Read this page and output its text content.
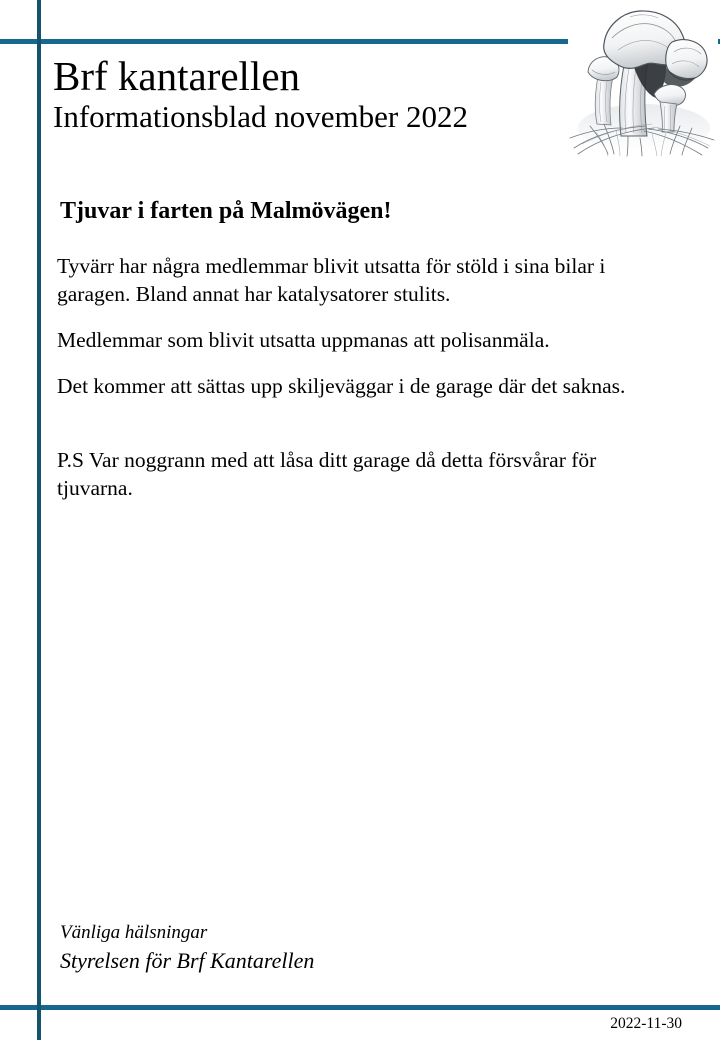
Brf kantarellen
Informationsblad november 2022
Tjuvar i farten på Malmövägen!

Tyvärr har några medlemmar blivit utsatta för stöld i sina bilar i garagen. Bland annat har katalysatorer stulits.

Medlemmar som blivit utsatta uppmanas att polisanmäla.

Det kommer att sättas upp skiljeväggar i de garage där det saknas.

P.S Var noggrann med att låsa ditt garage då detta försvårar för tjuvarna.

Vänliga hälsningar
Styrelsen för Brf Kantarellen
2022-11-30
